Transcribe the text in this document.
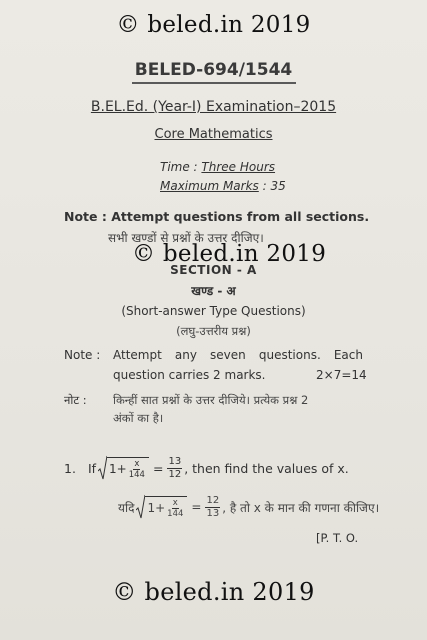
© beled.in 2019
BELED-694/1544
B.EL.Ed. (Year-I) Examination–2015
Core Mathematics
Time : Three Hours
Maximum Marks : 35
Note : Attempt questions from all sections.
सभी खण्डों से प्रश्नों के उत्तर दीजिए।
© beled.in 2019
SECTION - A
खण्ड - अ
(Short-answer Type Questions)
(लघु-उत्तरीय प्रश्न)
Note : Attempt any seven questions. Each
question carries 2 marks.	2×7=14
नोट : किन्हीं सात प्रश्नों के उत्तर दीजिये। प्रत्येक प्रश्न 2
अंकों का है।
1. If $1+ \frac{x}{144} = \frac{13}{12}$ , then find the values of x.
यदि $1+ \frac{x}{144} = \frac{12}{13}$ , है तो x के मान की गणना कीजिए।
[P. T. O.
© beled.in 2019
